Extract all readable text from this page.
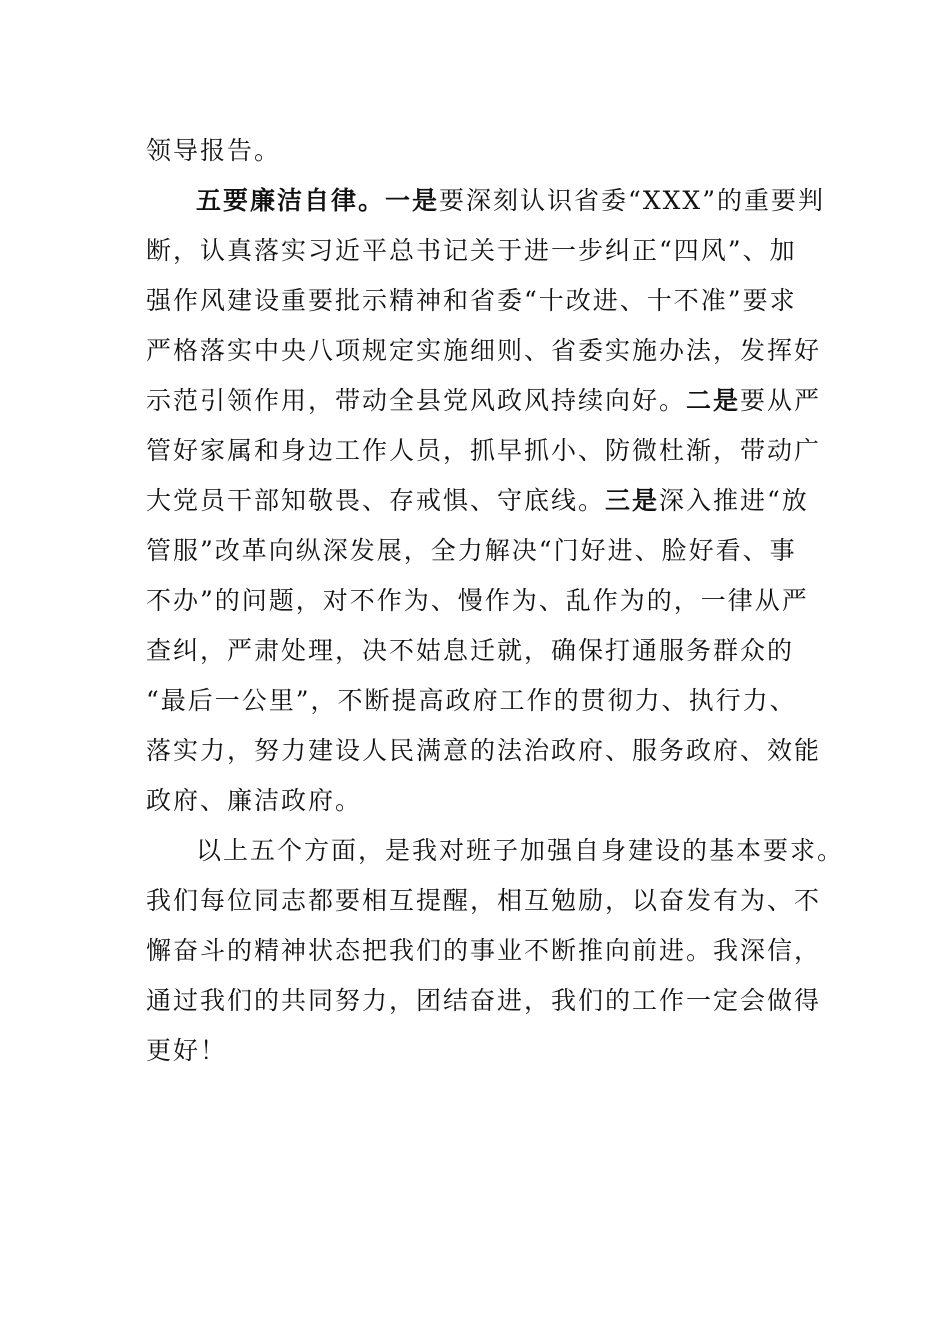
领导报告。
五要廉洁自律。一是要深刻认识省委“XXX”的重要判
断，认真落实习近平总书记关于进一步纠正“四风”、加
强作风建设重要批示精神和省委“十改进、十不准”要求
严格落实中央八项规定实施细则、省委实施办法，发挥好
示范引领作用，带动全县党风政风持续向好。二是要从严
管好家属和身边工作人员，抓早抓小、防微杜渐，带动广
大党员干部知敬畏、存戒惧、守底线。三是深入推进“放
管服”改革向纵深发展，全力解决“门好进、脸好看、事
不办”的问题，对不作为、慢作为、乱作为的，一律从严
查纠，严肃处理，决不姑息迁就，确保打通服务群众的
“最后一公里”，不断提高政府工作的贯彻力、执行力、
落实力，努力建设人民满意的法治政府、服务政府、效能
政府、廉洁政府。
以上五个方面，是我对班子加强自身建设的基本要求。
我们每位同志都要相互提醒，相互勉励，以奋发有为、不
懈奋斗的精神状态把我们的事业不断推向前进。我深信，
通过我们的共同努力，团结奋进，我们的工作一定会做得
更好！
